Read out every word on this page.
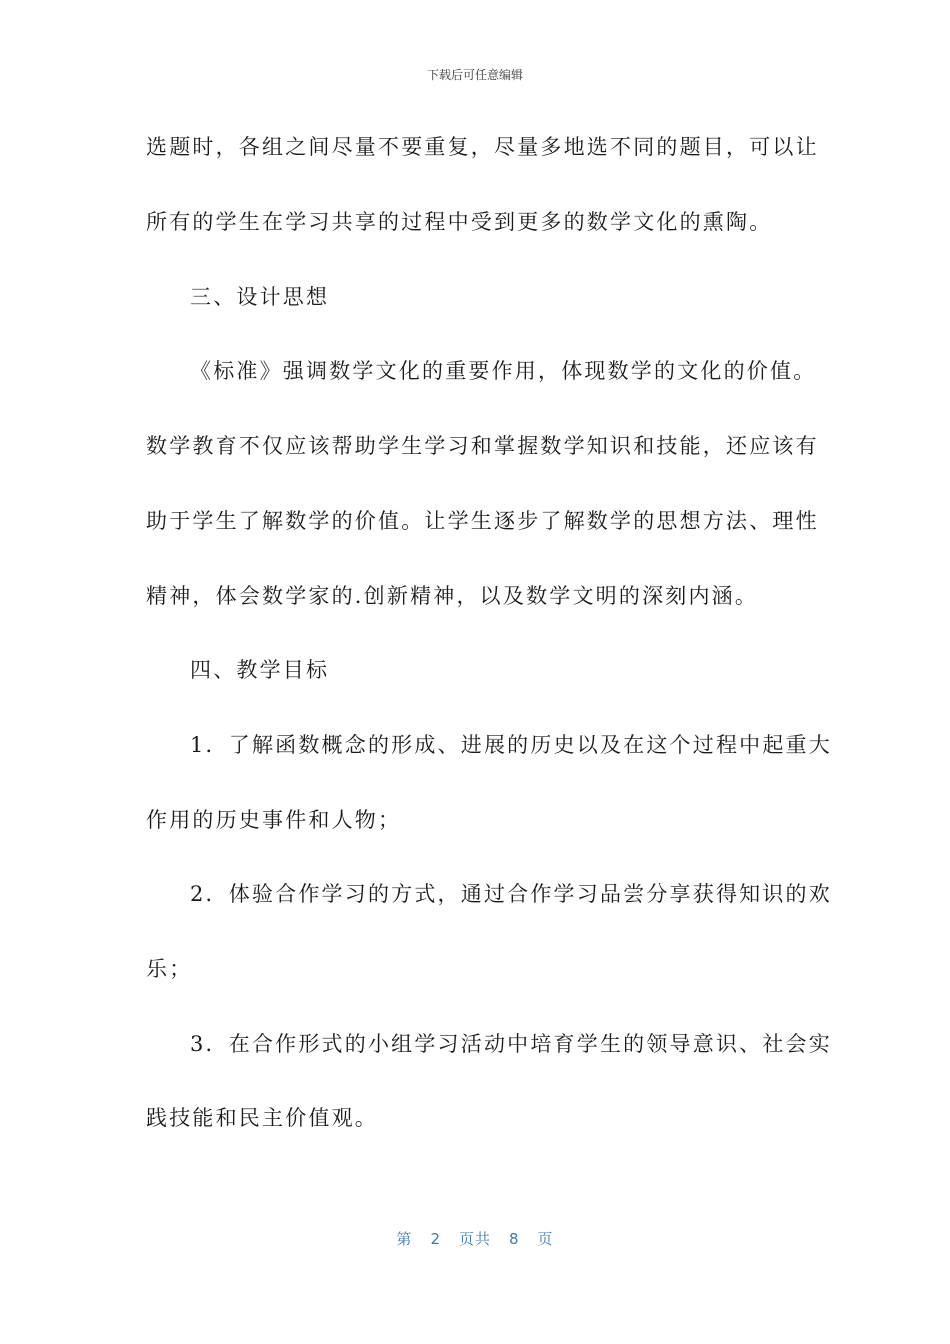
下载后可任意编辑
选题时，各组之间尽量不要重复，尽量多地选不同的题目，可以让
所有的学生在学习共享的过程中受到更多的数学文化的熏陶。
三、设计思想
《标准》强调数学文化的重要作用，体现数学的文化的价值。
数学教育不仅应该帮助学生学习和掌握数学知识和技能，还应该有
助于学生了解数学的价值。让学生逐步了解数学的思想方法、理性
精神，体会数学家的.创新精神，以及数学文明的深刻内涵。
四、教学目标
1．了解函数概念的形成、进展的历史以及在这个过程中起重大
作用的历史事件和人物；
2．体验合作学习的方式，通过合作学习品尝分享获得知识的欢
乐；
3．在合作形式的小组学习活动中培育学生的领导意识、社会实
践技能和民主价值观。
第 2 页共 8 页
